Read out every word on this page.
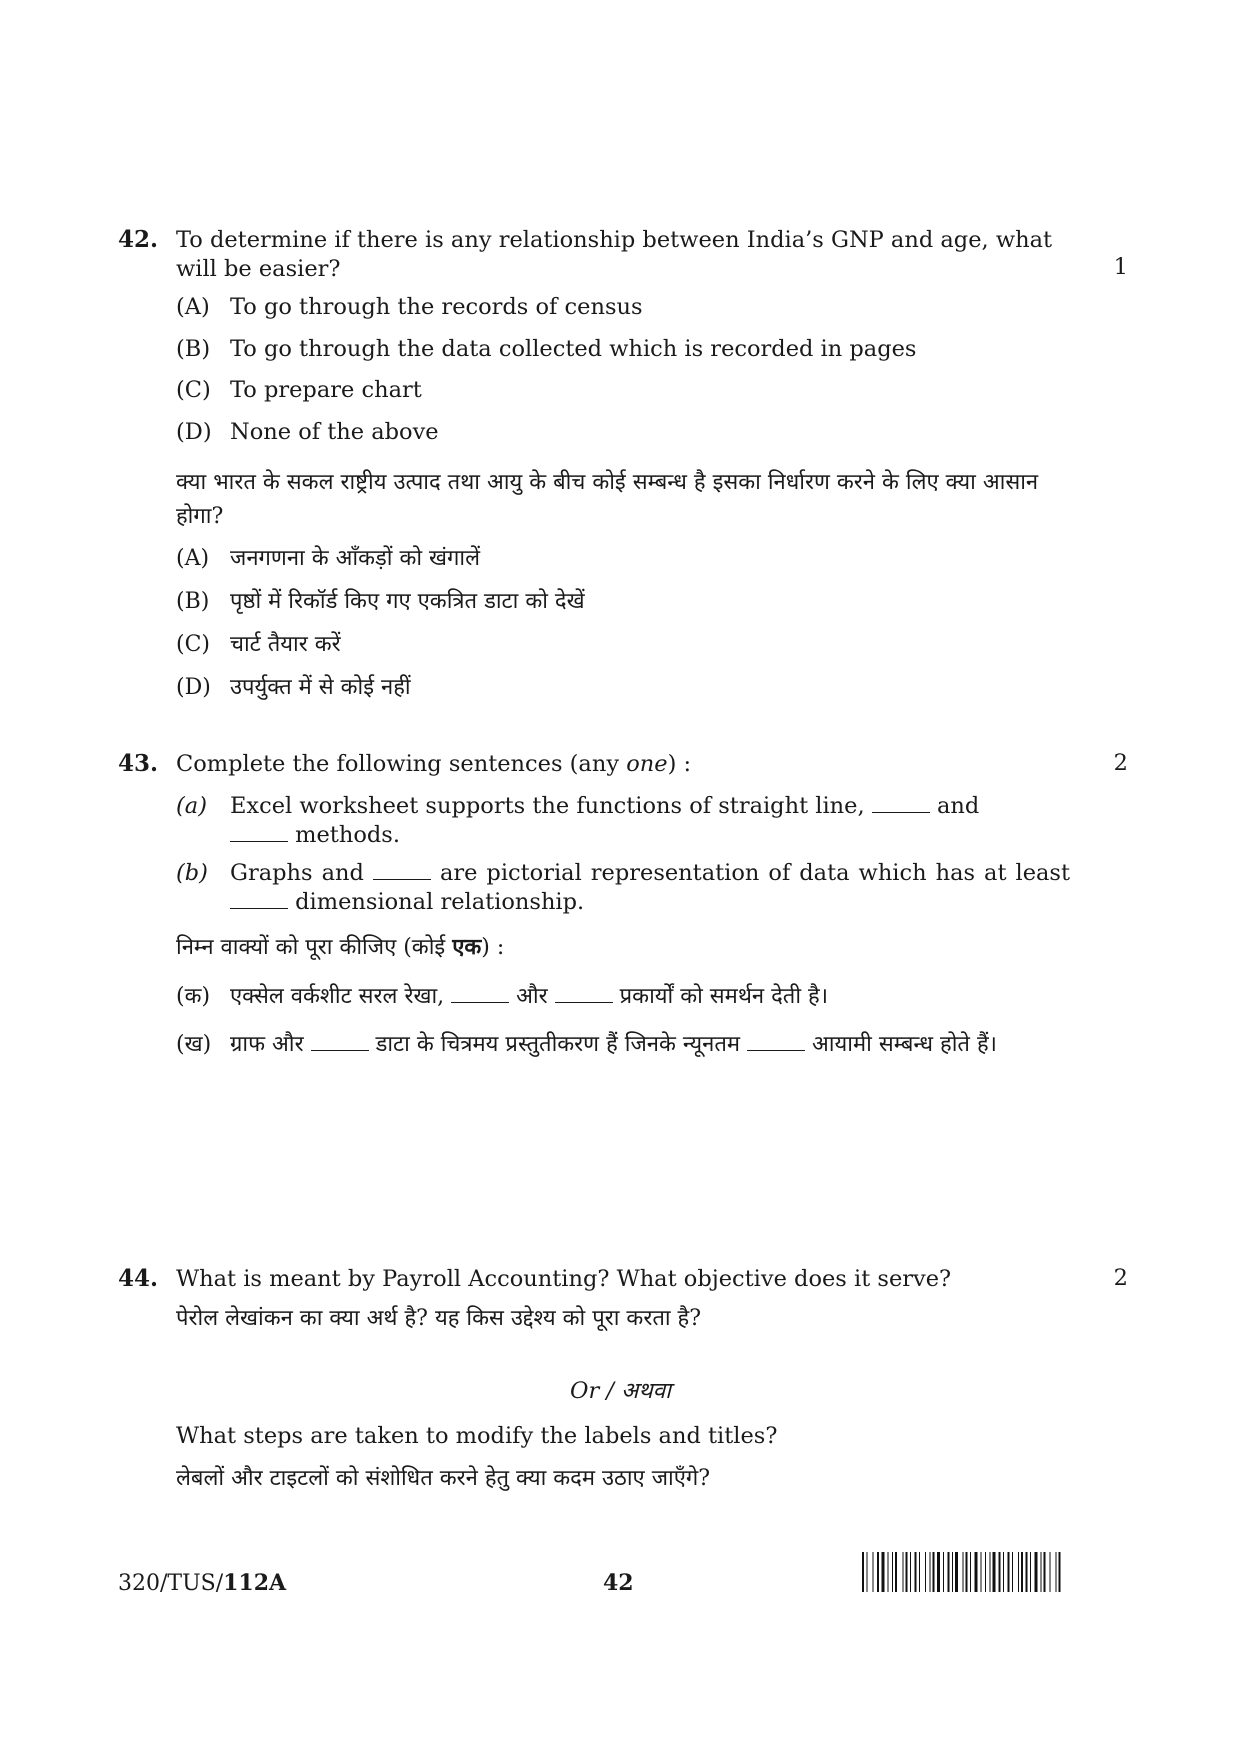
42. To determine if there is any relationship between India’s GNP and age, what will be easier?	1
(A) To go through the records of census
(B) To go through the data collected which is recorded in pages
(C) To prepare chart
(D) None of the above
क्या भारत के सकल राष्ट्रीय उत्पाद तथा आयु के बीच कोई सम्बन्ध है इसका निर्धारण करने के लिए क्या आसान होगा?
(A) जनगणना के आँकड़ों को खंगालें
(B) पृष्ठों में रिकॉर्ड किए गए एकत्रित डाटा को देखें
(C) चार्ट तैयार करें
(D) उपर्युक्त में से कोई नहीं
43. Complete the following sentences (any one) :	2
(a)	Excel worksheet supports the functions of straight line,	and
methods.
(b) Graphs and	are pictorial representation of data which has at least  dimensional relationship.
निम्न वाक्यों को पूरा कीजिए (कोई एक) :
(क) एक्सेल वर्कशीट सरल रेखा,	और	प्रकार्यों को समर्थन देती है।
(ख) ग्राफ और	डाटा के चित्रमय प्रस्तुतीकरण हैं जिनके न्यूनतम	आयामी सम्बन्ध होते हैं।
44. What is meant by Payroll Accounting? What objective does it serve?	2
पेरोल लेखांकन का क्या अर्थ है? यह किस उद्देश्य को पूरा करता है?
Or / अथवा
What steps are taken to modify the labels and titles?
लेबलों और टाइटलों को संशोधित करने हेतु क्या कदम उठाए जाएँगे?
320/TUS/112A	42
